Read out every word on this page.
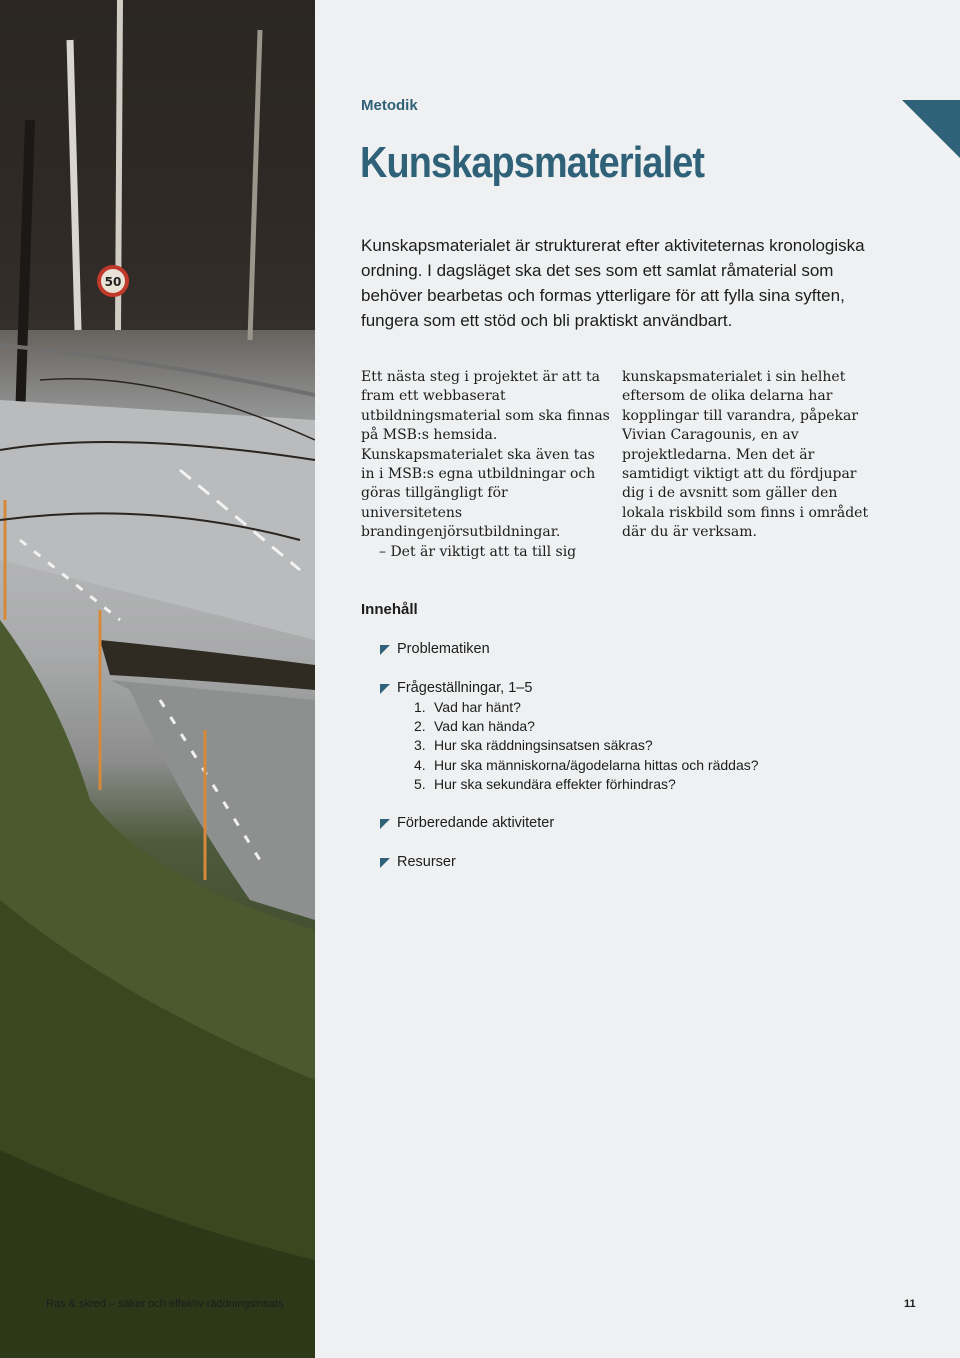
50
Metodik
Kunskapsmaterialet

Kunskapsmaterialet är strukturerat efter aktiviteternas kronologiska ordning. I dagsläget ska det ses som ett samlat råmaterial som behöver bearbetas och formas ytterligare för att fylla sina syften, fungera som ett stöd och bli praktiskt användbart.

Ett nästa steg i projektet är att ta fram ett webbaserat utbildningsmaterial som ska finnas på MSB:s hemsida. Kunskapsmaterialet ska även tas in i MSB:s egna utbildningar och göras tillgängligt för universitetens brandingenjörsutbildningar.
– Det är viktigt att ta till sig
kunskapsmaterialet i sin helhet eftersom de olika delarna har kopplingar till varandra, påpekar Vivian Caragounis, en av projektledarna. Men det är samtidigt viktigt att du fördjupar dig i de avsnitt som gäller den lokala riskbild som finns i området där du är verksam.
Innehåll
Problematiken
Frågeställningar, 1–5
1. Vad har hänt?
2. Vad kan hända?
3. Hur ska räddningsinsatsen säkras?
4. Hur ska människorna/ägodelarna hittas och räddas?
5. Hur ska sekundära effekter förhindras?
Förberedande aktiviteter
Resurser
Ras & skred – säker och effektiv räddningsinsats	11
